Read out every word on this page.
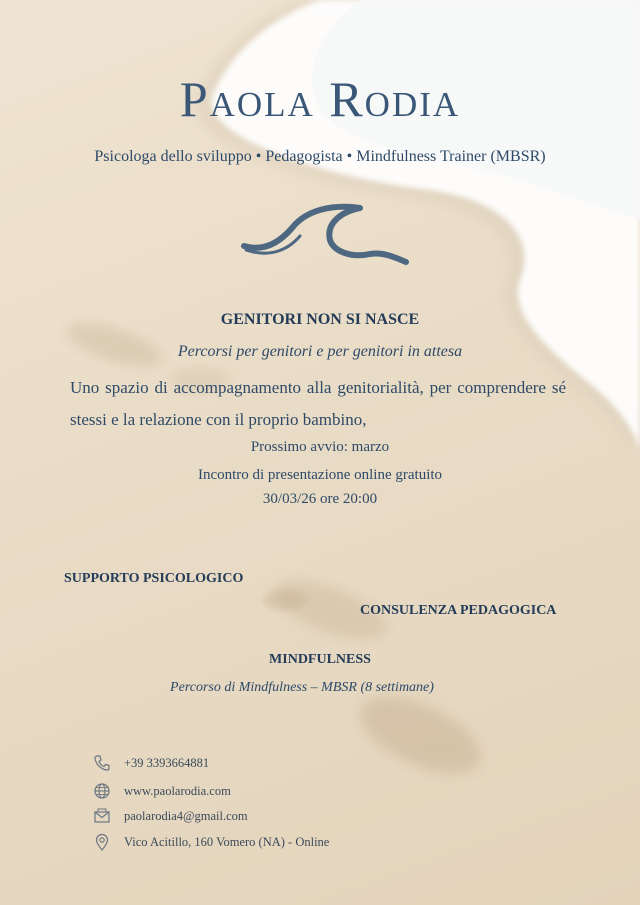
Paola Rodia
Psicologa dello sviluppo • Pedagogista • Mindfulness Trainer (MBSR)
GENITORI NON SI NASCE
Percorsi per genitori e per genitori in attesa
Uno spazio di accompagnamento alla genitorialità, per comprendere sé stessi e la relazione con il proprio bambino,
Prossimo avvio: marzo
Incontro di presentazione online gratuito
30/03/26 ore 20:00
SUPPORTO PSICOLOGICO
CONSULENZA PEDAGOGICA
MINDFULNESS
Percorso di Mindfulness – MBSR (8 settimane)
+39 3393664881
www.paolarodia.com
paolarodia4@gmail.com
Vico Acitillo, 160 Vomero (NA) - Online
